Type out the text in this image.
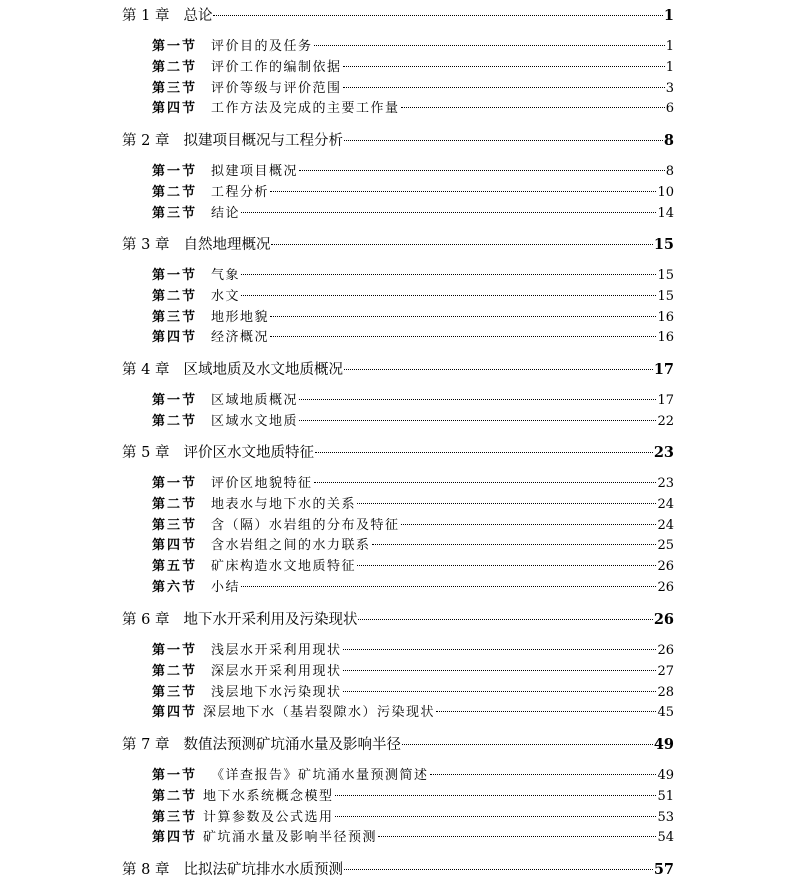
第 1 章 总论	1
第一节 评价目的及任务	1
第二节 评价工作的编制依据	1
第三节 评价等级与评价范围	3
第四节 工作方法及完成的主要工作量	6
第 2 章 拟建项目概况与工程分析	8
第一节 拟建项目概况	8
第二节 工程分析	10
第三节 结论	14
第 3 章 自然地理概况	15
第一节 气象	15
第二节 水文	15
第三节 地形地貌	16
第四节 经济概况	16
第 4 章 区域地质及水文地质概况	17
第一节 区域地质概况	17
第二节 区域水文地质	22
第 5 章 评价区水文地质特征	23
第一节 评价区地貌特征	23
第二节 地表水与地下水的关系	24
第三节 含（隔）水岩组的分布及特征	24
第四节 含水岩组之间的水力联系	25
第五节 矿床构造水文地质特征	26
第六节 小结	26
第 6 章 地下水开采利用及污染现状	26
第一节 浅层水开采利用现状	26
第二节 深层水开采利用现状	27
第三节 浅层地下水污染现状	28
第四节 深层地下水（基岩裂隙水）污染现状	45
第 7 章 数值法预测矿坑涌水量及影响半径	49
第一节 《详查报告》矿坑涌水量预测简述	49
第二节 地下水系统概念模型	51
第三节 计算参数及公式选用	53
第四节 矿坑涌水量及影响半径预测	54
第 8 章 比拟法矿坑排水水质预测	57
